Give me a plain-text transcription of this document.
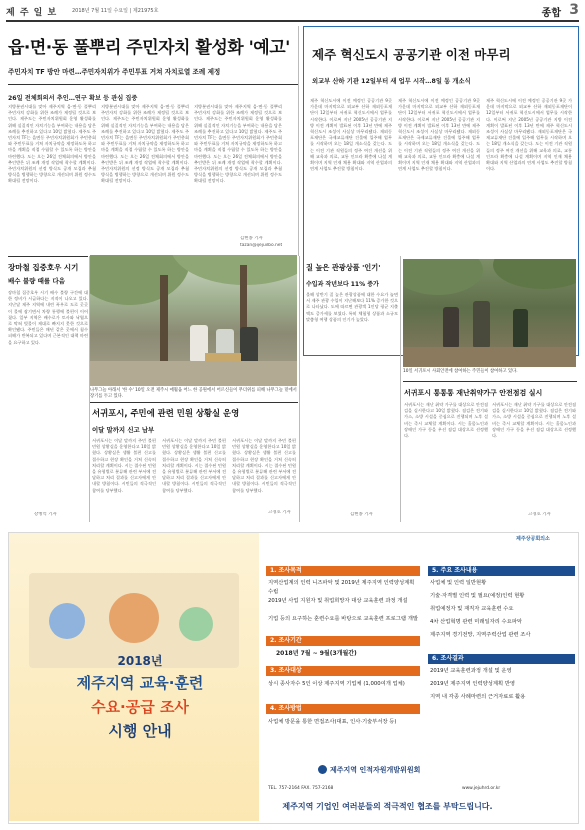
제 주 일 보	2018년 7월 11일 수요일 | 제21975호	종합 3
읍·면·동 풀뿌리 주민자치 활성화 '예고'
주민자치 TF 방안 마련…주민자치위가 주민투표 거쳐 자치로열 조례 제정
26일 전체회의서 추인…연구 확보 등 관심 집중
지방분권시대를 맞아 제주지역 읍·면·동 풀뿌리 주민자치 강화를 위한 조례가 제정될 것으로 보인다. 제주도는 주민자치위원회 운영 활성화를 위해 실질적인 자치기능을 부여하는 내용을 담은 조례를 추진하고 있다고 10일 밝혔다. 제주도 주민자치 TF는 읍면동 주민자치위원회가 주민총회와 주민투표를 거쳐 자치규약을 제정하도록 하고 마을 계획을 직접 수립할 수 있도록 하는 방안을 마련했다. 도는 오는 26일 전체회의에서 방안을 추인받은 뒤 조례 개정 작업에 착수할 계획이다. 주민자치위원의 선정 방식도 공개 모집과 추첨 방식을 병행하는 방향으로 개선되며 위원 정수도 확대될 전망이다.
지방분권시대를 맞아 제주지역 읍·면·동 풀뿌리 주민자치 강화를 위한 조례가 제정될 것으로 보인다. 제주도는 주민자치위원회 운영 활성화를 위해 실질적인 자치기능을 부여하는 내용을 담은 조례를 추진하고 있다고 10일 밝혔다. 제주도 주민자치 TF는 읍면동 주민자치위원회가 주민총회와 주민투표를 거쳐 자치규약을 제정하도록 하고 마을 계획을 직접 수립할 수 있도록 하는 방안을 마련했다. 도는 오는 26일 전체회의에서 방안을 추인받은 뒤 조례 개정 작업에 착수할 계획이다. 주민자치위원의 선정 방식도 공개 모집과 추첨 방식을 병행하는 방향으로 개선되며 위원 정수도 확대될 전망이다.
지방분권시대를 맞아 제주지역 읍·면·동 풀뿌리 주민자치 강화를 위한 조례가 제정될 것으로 보인다. 제주도는 주민자치위원회 운영 활성화를 위해 실질적인 자치기능을 부여하는 내용을 담은 조례를 추진하고 있다고 10일 밝혔다. 제주도 주민자치 TF는 읍면동 주민자치위원회가 주민총회와 주민투표를 거쳐 자치규약을 제정하도록 하고 마을 계획을 직접 수립할 수 있도록 하는 방안을 마련했다. 도는 오는 26일 전체회의에서 방안을 추인받은 뒤 조례 개정 작업에 착수할 계획이다. 주민자치위원의 선정 방식도 공개 모집과 추첨 방식을 병행하는 방향으로 개선되며 위원 정수도 확대될 전망이다.
김현종 기자
tazan@ijejuilbo.net
제주 혁신도시 공공기관 이전 마무리
외교부 산하 기관 12일부터 새 업무 시작…8일 동 개소식
제주 혁신도시에 이전 예정인 공공기관 9곳 가운데 마지막으로 외교부 산하 재외동포재단이 12일부터 서귀포 혁신도시에서 업무를 시작한다. 이로써 지난 2005년 공공기관 지방 이전 계획이 발표된 이후 13년 만에 제주 혁신도시 조성이 사실상 마무리됐다. 재외동포재단은 국제교류재단 건물에 입주해 업무를 시작하며 오는 18일 개소식을 갖는다. 도는 이전 기관 직원들의 정주 여건 개선을 위해 교육과 의료, 교통 인프라 확충에 나설 계획이며 지역 인재 채용 확대와 지역 산업과의 연계 사업도 추진할 방침이다.
제주 혁신도시에 이전 예정인 공공기관 9곳 가운데 마지막으로 외교부 산하 재외동포재단이 12일부터 서귀포 혁신도시에서 업무를 시작한다. 이로써 지난 2005년 공공기관 지방 이전 계획이 발표된 이후 13년 만에 제주 혁신도시 조성이 사실상 마무리됐다. 재외동포재단은 국제교류재단 건물에 입주해 업무를 시작하며 오는 18일 개소식을 갖는다. 도는 이전 기관 직원들의 정주 여건 개선을 위해 교육과 의료, 교통 인프라 확충에 나설 계획이며 지역 인재 채용 확대와 지역 산업과의 연계 사업도 추진할 방침이다.
제주 혁신도시에 이전 예정인 공공기관 9곳 가운데 마지막으로 외교부 산하 재외동포재단이 12일부터 서귀포 혁신도시에서 업무를 시작한다. 이로써 지난 2005년 공공기관 지방 이전 계획이 발표된 이후 13년 만에 제주 혁신도시 조성이 사실상 마무리됐다. 재외동포재단은 국제교류재단 건물에 입주해 업무를 시작하며 오는 18일 개소식을 갖는다. 도는 이전 기관 직원들의 정주 여건 개선을 위해 교육과 의료, 교통 인프라 확충에 나설 계획이며 지역 인재 채용 확대와 지역 산업과의 연계 사업도 추진할 방침이다.
10일 서귀포시 사회안전에 참여하는 주민들이 참여하고 있다.
장마철 집중호우 시기
배수 불량 때를 다음
장마철 집중호우 시기 배수 불량 구간에 대한 정비가 시급하다는 지적이 나오고 있다. 지난달 제주 지역에 내린 폭우로 도로 곳곳이 물에 잠기면서 차량 통행에 불편이 이어졌다. 일부 지역은 배수로가 토사와 낙엽으로 막혀 빗물이 제대로 빠지지 못한 것으로 확인됐다. 주민들은 매년 같은 곳에서 침수 피해가 반복되고 있다며 근본적인 대책 마련을 요구하고 있다.
강병억 기자
나무그늘 아래서 '한 수' 10일 오전 제주시 애월읍 어느 한 공원에서 어르신들이 무더위를 피해 나무그늘 밑에서 장기를 두고 있다.
서귀포시, 주민에 관련 민원 상황실 운영
이달 말까지 신고 남부
서귀포시는 이달 말까지 주민 불편 민원 상황실을 운영한다고 10일 밝혔다. 상황실은 생활 불편 신고를 접수하고 현장 확인을 거쳐 신속히 처리할 계획이다. 시는 접수된 민원을 유형별로 분류해 관련 부서에 전달하고 처리 결과를 신고자에게 안내할 방침이다. 시민들의 적극적인 참여를 당부했다.
서귀포시는 이달 말까지 주민 불편 민원 상황실을 운영한다고 10일 밝혔다. 상황실은 생활 불편 신고를 접수하고 현장 확인을 거쳐 신속히 처리할 계획이다. 시는 접수된 민원을 유형별로 분류해 관련 부서에 전달하고 처리 결과를 신고자에게 안내할 방침이다. 시민들의 적극적인 참여를 당부했다.
서귀포시는 이달 말까지 주민 불편 민원 상황실을 운영한다고 10일 밝혔다. 상황실은 생활 불편 신고를 접수하고 현장 확인을 거쳐 신속히 처리할 계획이다. 시는 접수된 민원을 유형별로 분류해 관련 부서에 전달하고 처리 결과를 신고자에게 안내할 방침이다. 시민들의 적극적인 참여를 당부했다.
고경호 기자
질 높은 관광상품 '인기'
수입과 작년보다 11% 증가
올해 상반기 질 높은 관광상품에 대한 수요가 늘면서 제주 관광 수입이 지난해보다 11% 증가한 것으로 나타났다. 도에 따르면 관광객 1인당 평균 지출액도 증가세를 보였다. 특히 체험형 상품과 소규모 맞춤형 여행 상품의 인기가 높았다.
김현종 기자
서귀포시 통통통 재난취약가구 안전점검 실시
서귀포시는 재난 취약 가구를 대상으로 안전점검을 실시한다고 10일 밝혔다. 점검은 전기와 가스, 소방 시설을 중심으로 진행되며 노후 설비는 즉시 교체할 계획이다. 시는 홀몸노인과 장애인 가구 등을 우선 점검 대상으로 선정했다.
서귀포시는 재난 취약 가구를 대상으로 안전점검을 실시한다고 10일 밝혔다. 점검은 전기와 가스, 소방 시설을 중심으로 진행되며 노후 설비는 즉시 교체할 계획이다. 시는 홀몸노인과 장애인 가구 등을 우선 점검 대상으로 선정했다.
고경호 기자
2018년
제주지역 교육·훈련
수요·공급 조사
시행 안내
제주상공회의소
1. 조사목적
지역산업계의 인력 니즈파악 및 2019년 제주지역 인력양성계획 수립
2019년 사업 지원자 및 취업희망자 대상 교육훈련 과정 개설
기업 등의 요구하는 훈련수요를 바탕으로 교육훈련 프로그램 개발
2. 조사기간
2018년 7월 ~ 9월(3개월간)
3. 조사대상
상시 종사자수 5인 이상 제주지역 기업체 (1,000여개 업체)
4. 조사방법
사업체 방문을 통한 면접조사(대표, 인사·기술부서장 등)
5. 주요 조사내용
사업체 및 인력 일반현황
기술·자격별 인력 및 필요(예정)인력 현황
취업예정자 및 재직자 교육훈련 수요
4차 산업혁명 관련 미래일자리 수요파악
제주지역 경기전망, 지역주력산업 관련 조사
6. 조사결과
2019년 교육훈련과정 개설 및 운영
2019년 제주지역 인력양성계획 반영
지역 내 각종 사례마련의 근거자료로 활용
제주지역 인적자원개발위원회
TEL. 757-2164 FAX. 757-2168	www.jejuhrd.or.kr
제주지역 기업인 여러분들의 적극적인 협조를 부탁드립니다.
